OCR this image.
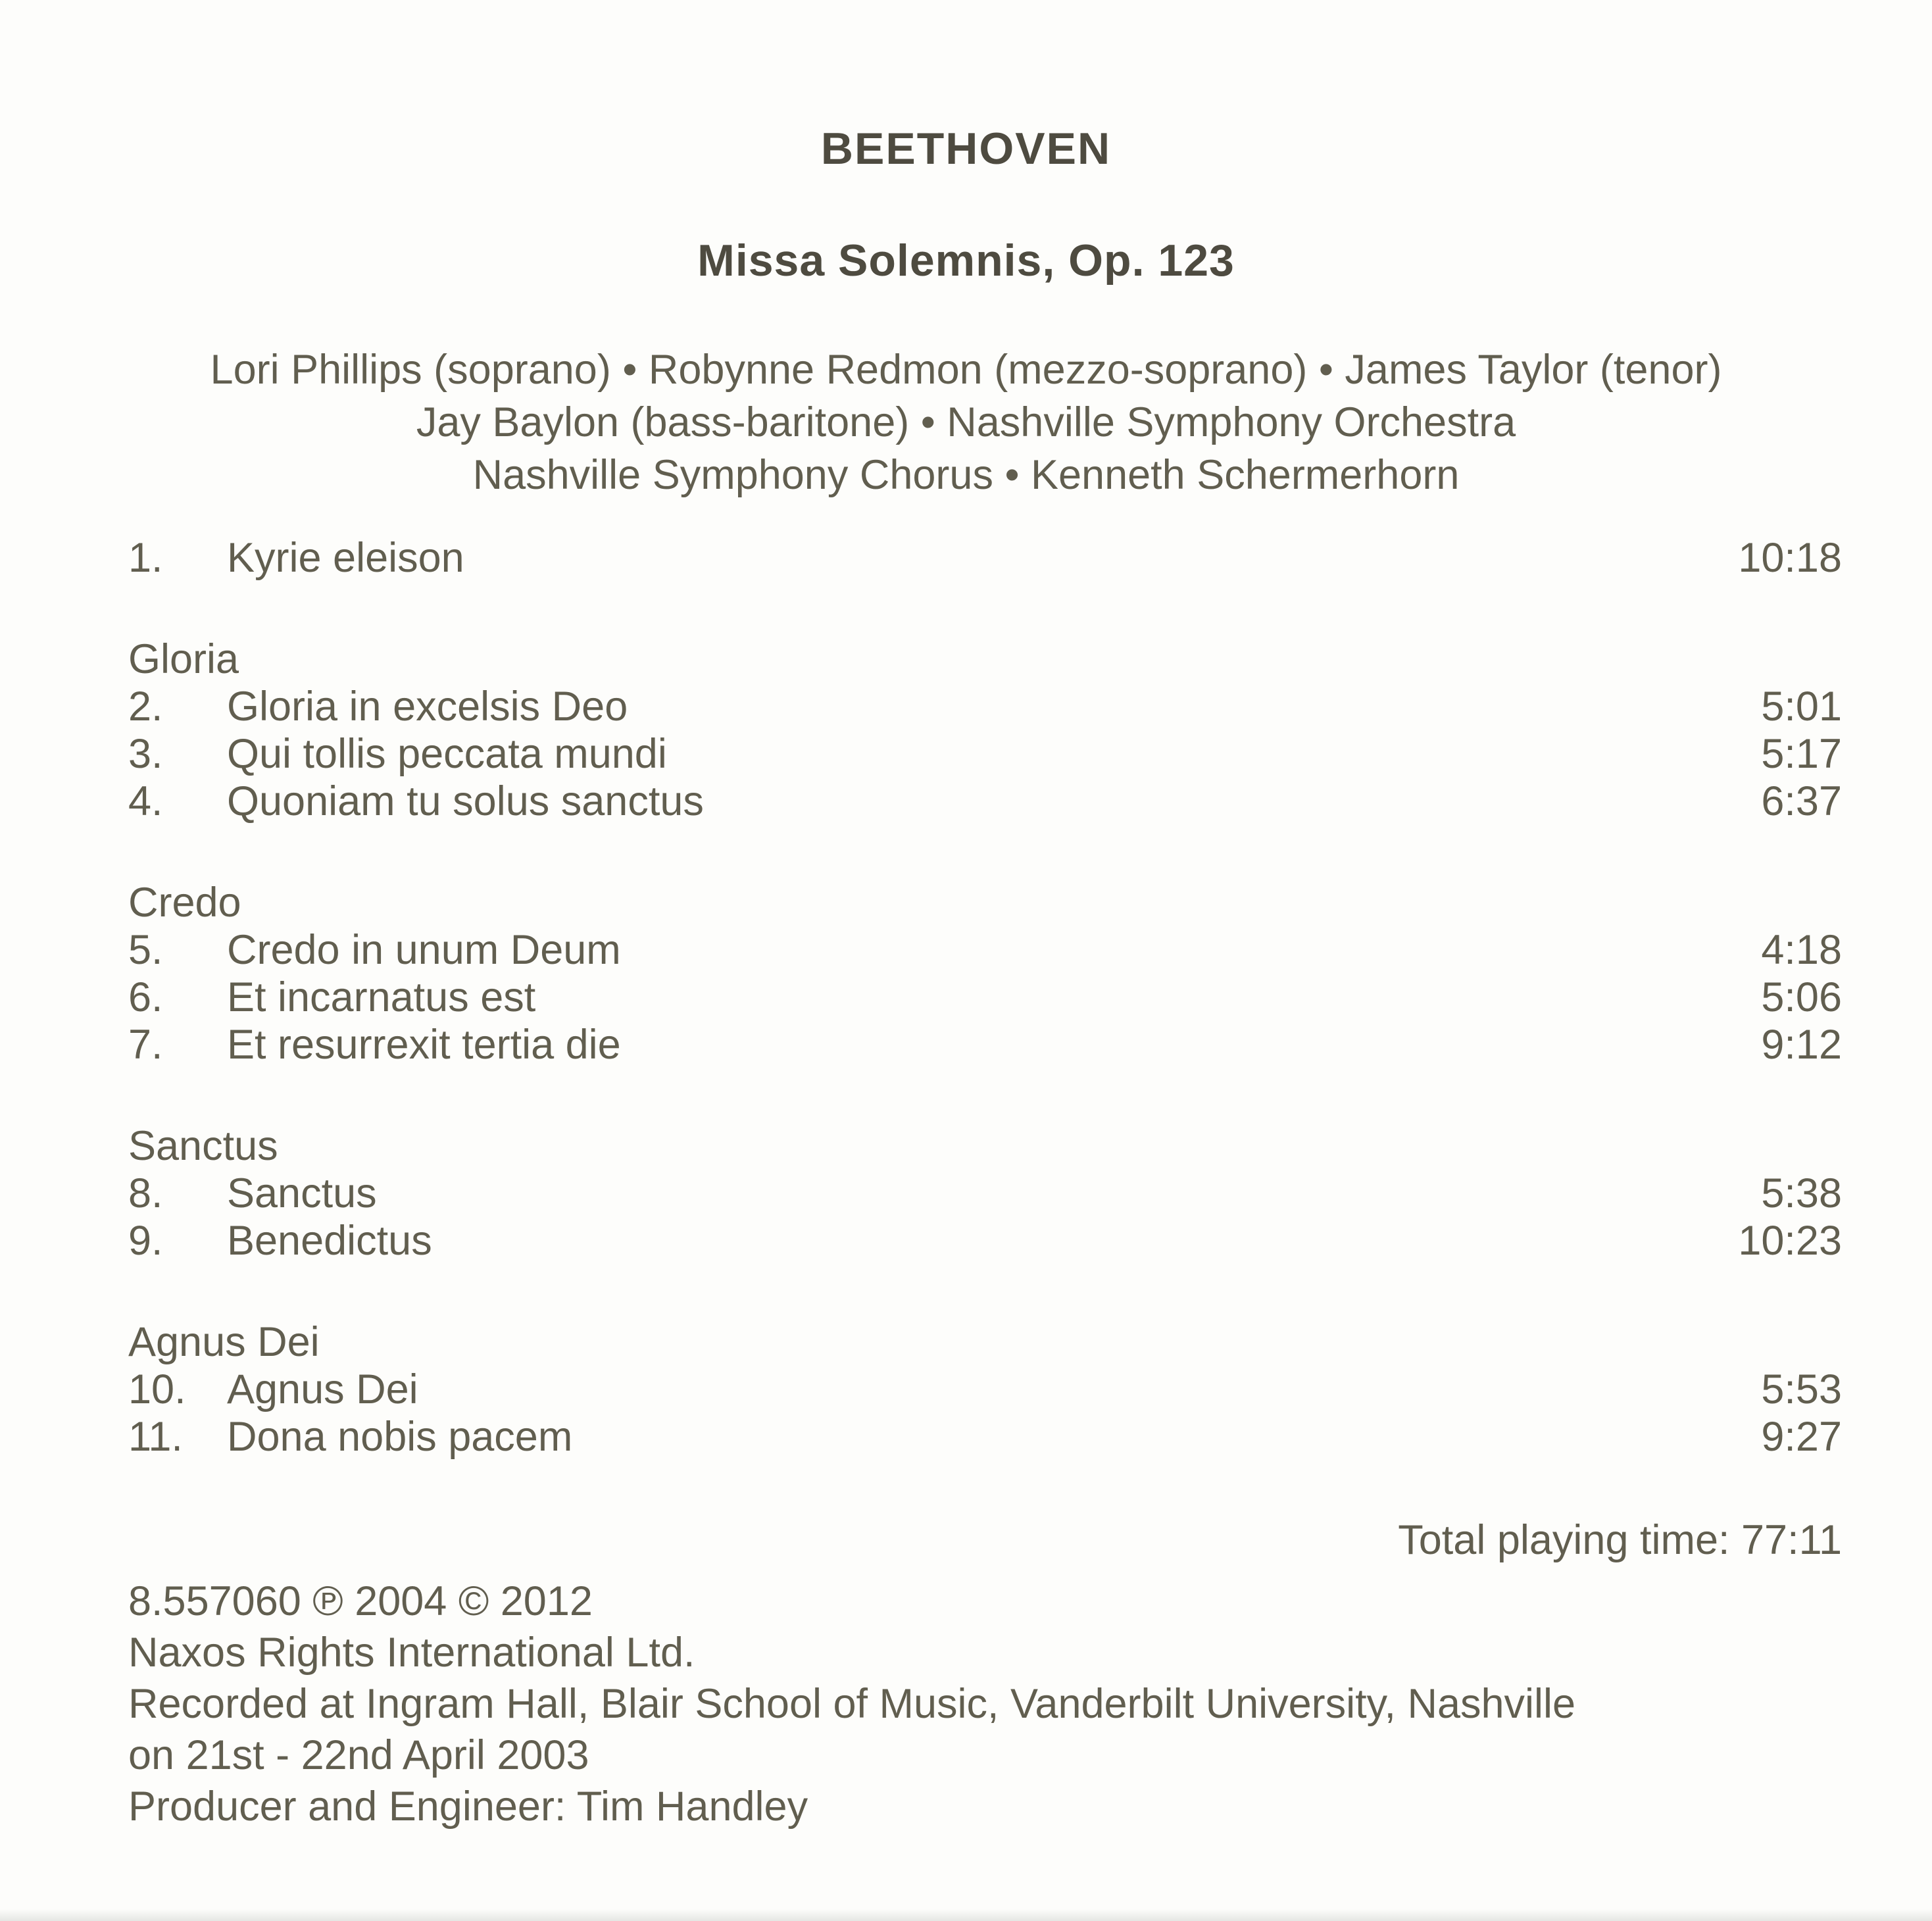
BEETHOVEN
Missa Solemnis, Op. 123
Lori Phillips (soprano) • Robynne Redmon (mezzo-soprano) • James Taylor (tenor)
Jay Baylon (bass-baritone) • Nashville Symphony Orchestra
Nashville Symphony Chorus • Kenneth Schermerhorn
1.	Kyrie eleison	10:18
Gloria
2.	Gloria in excelsis Deo	5:01
3.	Qui tollis peccata mundi	5:17
4.	Quoniam tu solus sanctus	6:37
Credo
5.	Credo in unum Deum	4:18
6.	Et incarnatus est	5:06
7.	Et resurrexit tertia die	9:12
Sanctus
8.	Sanctus	5:38
9.	Benedictus	10:23
Agnus Dei
10. Agnus Dei	5:53
11.	Dona nobis pacem	9:27
Total playing time: 77:11
8.557060 ℗ 2004 © 2012
Naxos Rights International Ltd.
Recorded at Ingram Hall, Blair School of Music, Vanderbilt University, Nashville
on 21st - 22nd April 2003
Producer and Engineer: Tim Handley
